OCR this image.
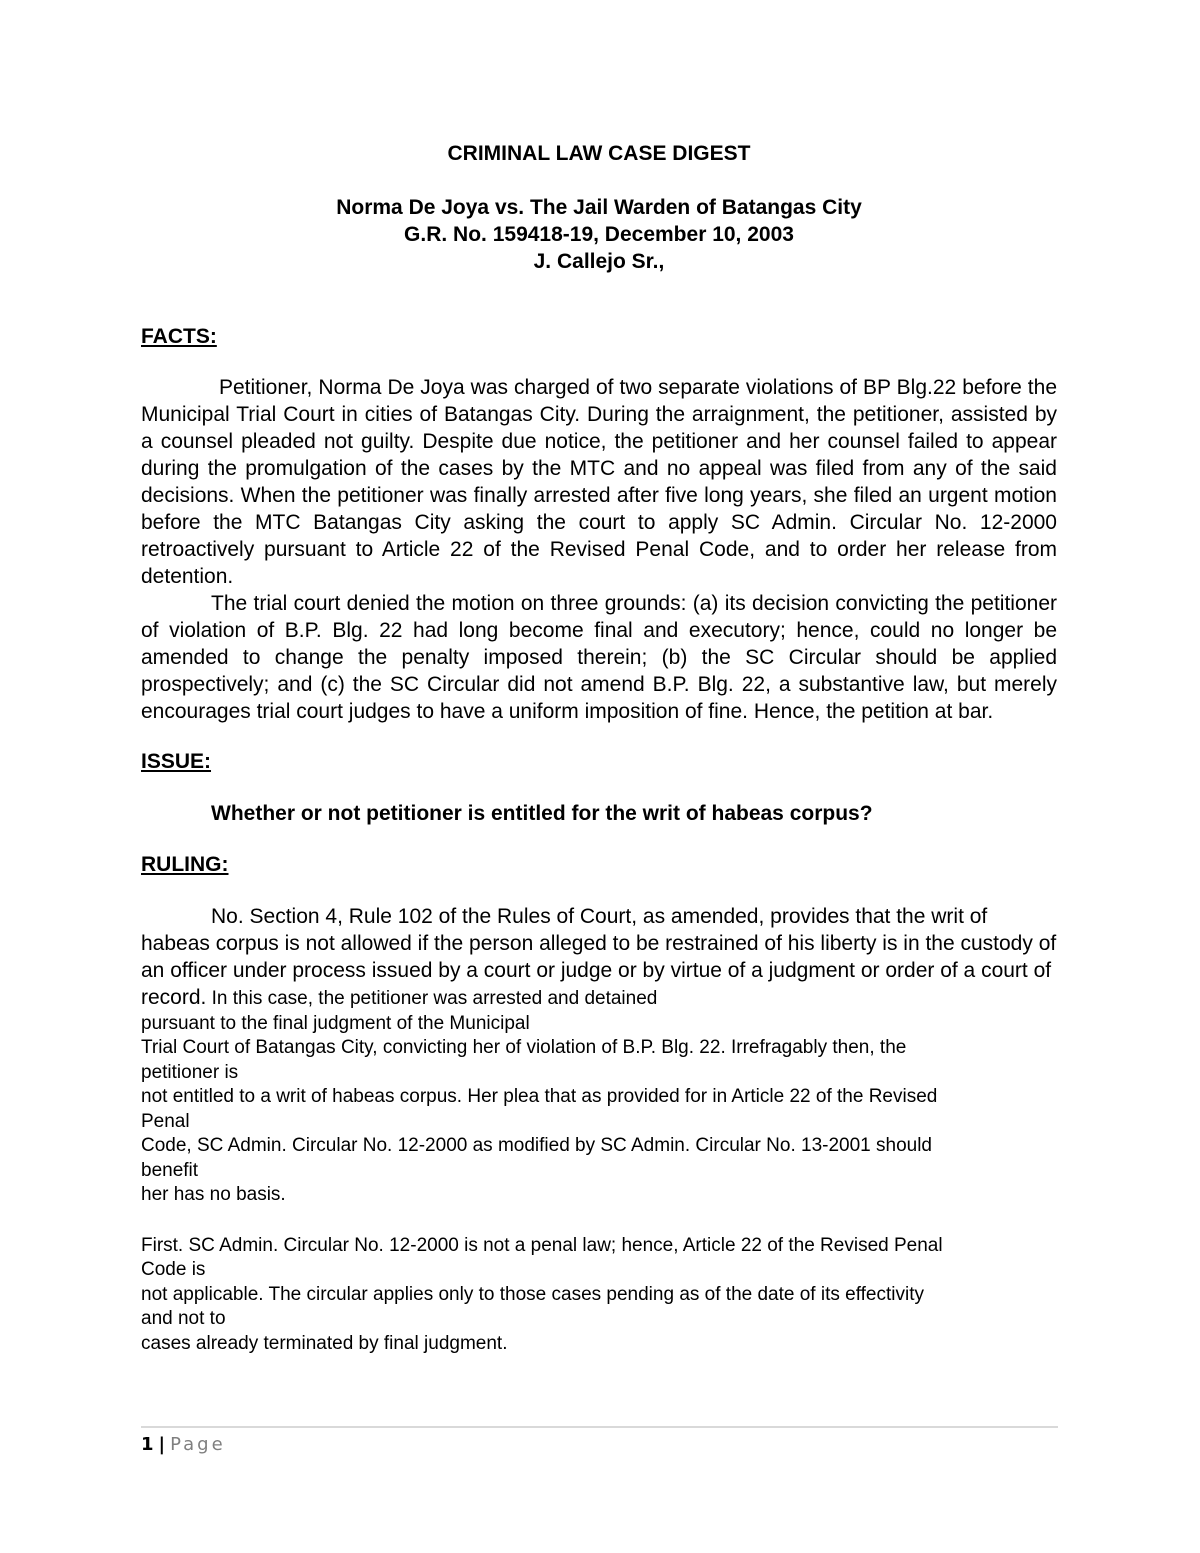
CRIMINAL LAW CASE DIGEST

Norma De Joya vs. The Jail Warden of Batangas City

G.R. No. 159418-19, December 10, 2003

J. Callejo Sr.,

FACTS:

Petitioner, Norma De Joya was charged of two separate violations of BP Blg.22 before the Municipal Trial Court in cities of Batangas City. During the arraignment, the petitioner, assisted by a counsel pleaded not guilty. Despite due notice, the petitioner and her counsel failed to appear during the promulgation of the cases by the MTC and no appeal was filed from any of the said decisions. When the petitioner was finally arrested after five long years, she filed an urgent motion before the MTC Batangas City asking the court to apply SC Admin. Circular No. 12-2000 retroactively pursuant to Article 22 of the Revised Penal Code, and to order her release from detention.

The trial court denied the motion on three grounds: (a) its decision convicting the petitioner of violation of B.P. Blg. 22 had long become final and executory; hence, could no longer be amended to change the penalty imposed therein; (b) the SC Circular should be applied prospectively; and (c) the SC Circular did not amend B.P. Blg. 22, a substantive law, but merely encourages trial court judges to have a uniform imposition of fine. Hence, the petition at bar.

ISSUE:

Whether or not petitioner is entitled for the writ of habeas corpus?

RULING:

No. Section 4, Rule 102 of the Rules of Court, as amended, provides that the writ of habeas corpus is not allowed if the person alleged to be restrained of his liberty is in the custody of an officer under process issued by a court or judge or by virtue of a judgment or order of a court of record. In this case, the petitioner was arrested and detained

pursuant to the final judgment of the Municipal

Trial Court of Batangas City, convicting her of violation of B.P. Blg. 22. Irrefragably then, the

petitioner is

not entitled to a writ of habeas corpus. Her plea that as provided for in Article 22 of the Revised

Penal

Code, SC Admin. Circular No. 12-2000 as modified by SC Admin. Circular No. 13-2001 should

benefit

her has no basis.

First. SC Admin. Circular No. 12-2000 is not a penal law; hence, Article 22 of the Revised Penal

Code is

not applicable. The circular applies only to those cases pending as of the date of its effectivity

and not to

cases already terminated by final judgment.

1 | Page
